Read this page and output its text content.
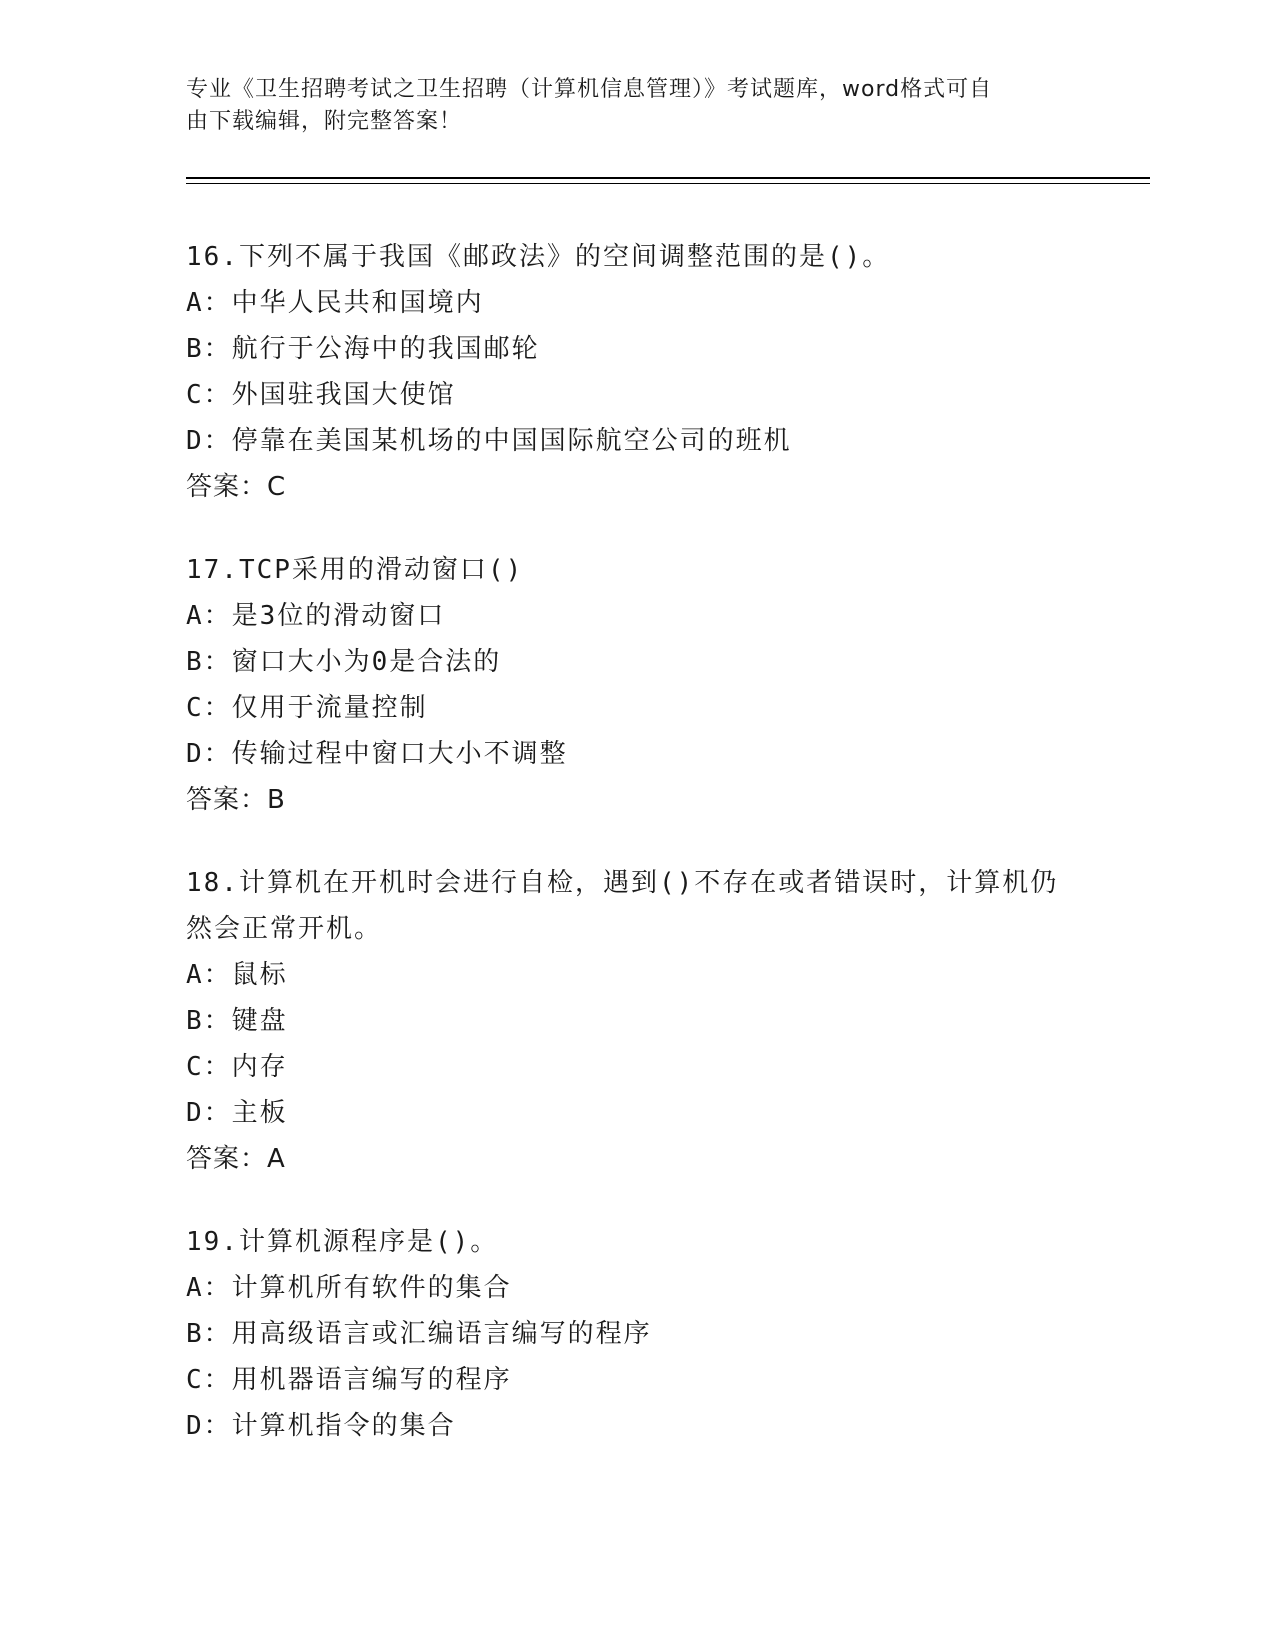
专业《卫生招聘考试之卫生招聘（计算机信息管理）》考试题库，word格式可自
由下载编辑，附完整答案！
16.下列不属于我国《邮政法》的空间调整范围的是()。
A：中华人民共和国境内
B：航行于公海中的我国邮轮
C：外国驻我国大使馆
D：停靠在美国某机场的中国国际航空公司的班机
答案：C
17.TCP采用的滑动窗口()
A：是3位的滑动窗口
B：窗口大小为0是合法的
C：仅用于流量控制
D：传输过程中窗口大小不调整
答案：B
18.计算机在开机时会进行自检，遇到()不存在或者错误时，计算机仍
然会正常开机。
A：鼠标
B：键盘
C：内存
D：主板
答案：A
19.计算机源程序是()。
A：计算机所有软件的集合
B：用高级语言或汇编语言编写的程序
C：用机器语言编写的程序
D：计算机指令的集合
